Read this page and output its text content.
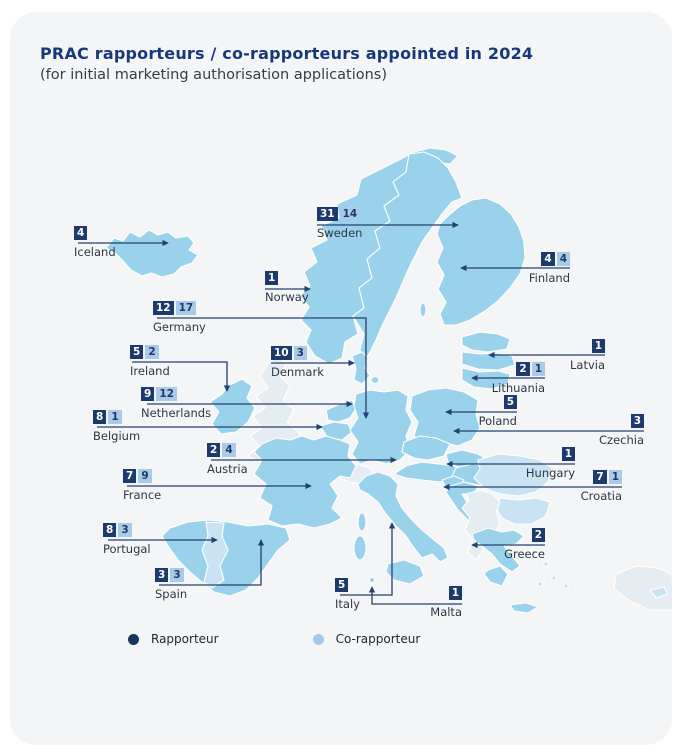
PRAC rapporteurs / co-rapporteurs appointed in 2024
(for initial marketing authorisation applications)
4
Iceland
31 14
Sweden
1
Norway
4 4
Finland
12 17
Germany
5 2
Ireland
10 3
Denmark
1
Latvia
2 1
Lithuania
9 12
Netherlands
5
Poland
8 1
Belgium
3
Czechia
2 4
Austria
1
Hungary
7 9
France
7 1
Croatia
8 3
Portugal
2
Greece
3 3
Spain
5
Italy
1
Malta
Rapporteur	Co-rapporteur
